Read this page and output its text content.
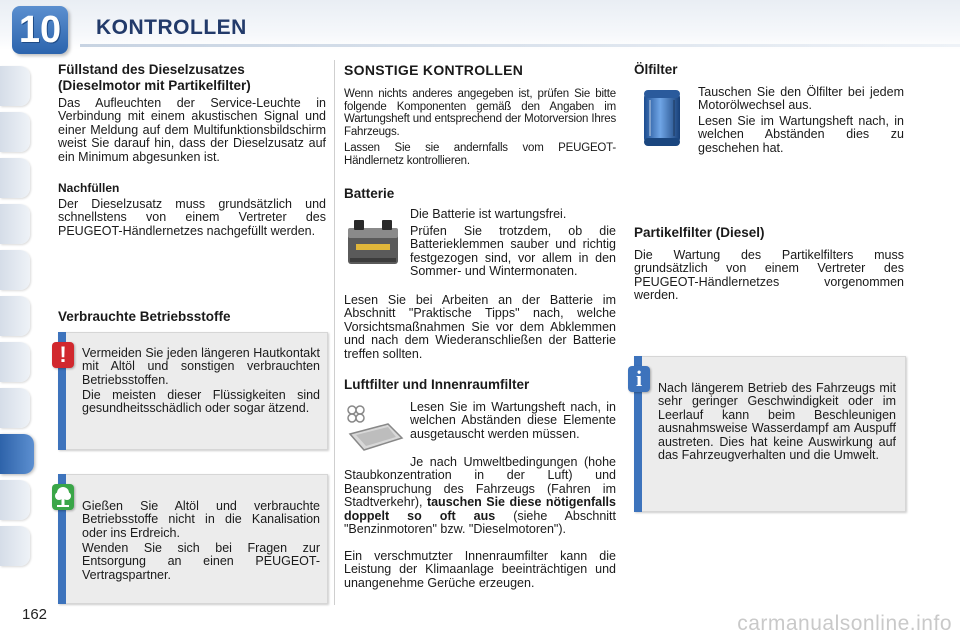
10	KONTROLLEN
Füllstand des Dieselzusatzes (Dieselmotor mit Partikelfilter)
Das Aufleuchten der Service-Leuchte in Verbindung mit einem akustischen Signal und einer Meldung auf dem Multifunktionsbildschirm weist Sie darauf hin, dass der Dieselzusatz auf ein Minimum abgesunken ist.
Nachfüllen
Der Dieselzusatz muss grundsätzlich und schnellstens von einem Vertreter des PEUGEOT-Händlernetzes nachgefüllt werden.
Verbrauchte Betriebsstoffe
!	Vermeiden Sie jeden längeren Hautkontakt mit Altöl und sonstigen verbrauchten Betriebsstoffen.
Die meisten dieser Flüssigkeiten sind gesundheitsschädlich oder sogar ätzend.
Gießen Sie Altöl und verbrauchte Betriebsstoffe nicht in die Kanalisation oder ins Erdreich.
Wenden Sie sich bei Fragen zur Entsorgung an einen PEUGEOT-Vertragspartner.
SONSTIGE KONTROLLEN
Wenn nichts anderes angegeben ist, prüfen Sie bitte folgende Komponenten gemäß den Angaben im Wartungsheft und entsprechend der Motorversion Ihres Fahrzeugs.
Lassen Sie sie andernfalls vom PEUGEOT-Händlernetz kontrollieren.
Batterie
Die Batterie ist wartungsfrei.
Prüfen Sie trotzdem, ob die Batterieklemmen sauber und richtig festgezogen sind, vor allem in den Sommer- und Wintermonaten.
Lesen Sie bei Arbeiten an der Batterie im Abschnitt "Praktische Tipps" nach, welche Vorsichtsmaßnahmen Sie vor dem Abklemmen und nach dem Wiederanschließen der Batterie treffen sollten.
Luftfilter und Innenraumfilter
Lesen Sie im Wartungsheft nach, in welchen Abständen diese Elemente ausgetauscht werden müssen.
Je nach Umweltbedingungen (hohe Staubkonzentration in der Luft) und Beanspruchung des Fahrzeugs (Fahren im Stadtverkehr), tauschen Sie diese nötigenfalls doppelt so oft aus (siehe Abschnitt "Benzinmotoren" bzw. "Dieselmotoren").
Ein verschmutzter Innenraumfilter kann die Leistung der Klimaanlage beeinträchtigen und unangenehme Gerüche erzeugen.
Ölfilter
Tauschen Sie den Ölfilter bei jedem Motorölwechsel aus.
Lesen Sie im Wartungsheft nach, in welchen Abständen dies zu geschehen hat.
Partikelfilter (Diesel)
Die Wartung des Partikelfilters muss grundsätzlich von einem Vertreter des PEUGEOT-Händlernetzes vorgenommen werden.
i	Nach längerem Betrieb des Fahrzeugs mit sehr geringer Geschwindigkeit oder im Leerlauf kann beim Beschleunigen ausnahmsweise Wasserdampf am Auspuff austreten. Dies hat keine Auswirkung auf das Fahrzeugverhalten und die Umwelt.
162	carmanualsonline.info
